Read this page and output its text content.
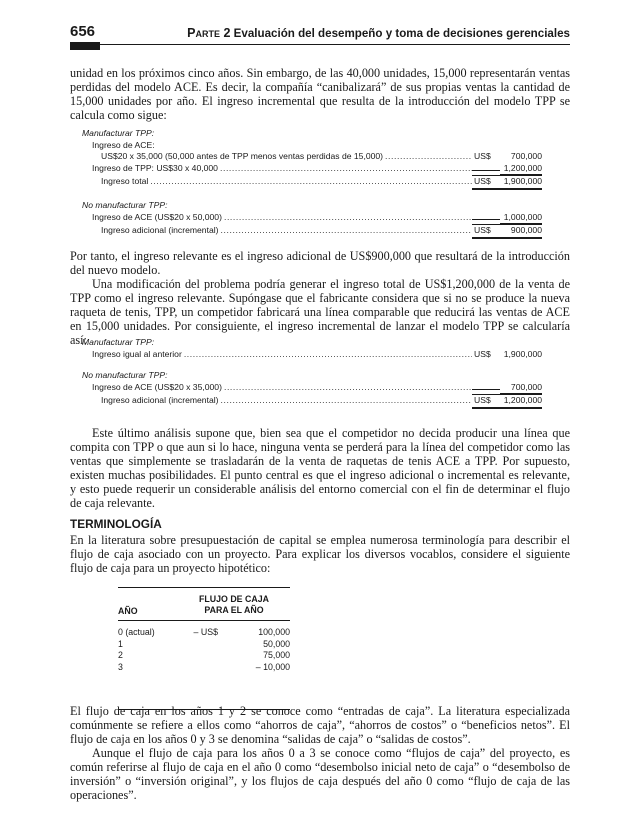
656	Parte 2 Evaluación del desempeño y toma de decisiones gerenciales

unidad en los próximos cinco años. Sin embargo, de las 40,000 unidades, 15,000 representarán ventas perdidas del modelo ACE. Es decir, la compañía “canibalizará” de sus propias ventas la cantidad de 15,000 unidades por año. El ingreso incremental que resulta de la introducción del modelo TPP se calcula como sigue:

Manufacturar TPP:
Ingreso de ACE:
US$20 x 35,000 (50,000 antes de TPP menos ventas perdidas de 15,000) .....	US$	700,000
Ingreso de TPP: US$30 x 40,000 .....	1,200,000
Ingreso total .....	US$	1,900,000
No manufacturar TPP:
Ingreso de ACE (US$20 x 50,000) .....	1,000,000
Ingreso adicional (incremental) .....	US$	900,000

Por tanto, el ingreso relevante es el ingreso adicional de US$900,000 que resultará de la introducción del nuevo modelo.

Una modificación del problema podría generar el ingreso total de US$1,200,000 de la venta de TPP como el ingreso relevante. Supóngase que el fabricante considera que si no se produce la nueva raqueta de tenis, TPP, un competidor fabricará una línea comparable que reducirá las ventas de ACE en 15,000 unidades. Por consiguiente, el ingreso incremental de lanzar el modelo TPP se calcularía así:

Manufacturar TPP:
Ingreso igual al anterior .....	US$	1,900,000
No manufacturar TPP:
Ingreso de ACE (US$20 x 35,000) .....	700,000
Ingreso adicional (incremental) .....	US$	1,200,000

Este último análisis supone que, bien sea que el competidor no decida producir una línea que compita con TPP o que aun si lo hace, ninguna venta se perderá para la línea del competidor como las ventas que simplemente se trasladarán de la venta de raquetas de tenis ACE a TPP. Por supuesto, existen muchas posibilidades. El punto central es que el ingreso adicional o incremental es relevante, y esto puede requerir un considerable análisis del entorno comercial con el fin de determinar el flujo de caja relevante.

TERMINOLOGÍA

En la literatura sobre presupuestación de capital se emplea numerosa terminología para describir el flujo de caja asociado con un proyecto. Para explicar los diversos vocablos, considere el siguiente flujo de caja para un proyecto hipotético:

AÑO
FLUJO DE CAJA
PARA EL AÑO
0 (actual)	– US$	100,000
1	50,000
2	75,000
3	– 10,000

El flujo de caja en los años 1 y 2 se conoce como “entradas de caja”. La literatura especializada comúnmente se refiere a ellos como “ahorros de caja”, “ahorros de costos” o “beneficios netos”. El flujo de caja en los años 0 y 3 se denomina “salidas de caja” o “salidas de costos”.

Aunque el flujo de caja para los años 0 a 3 se conoce como “flujos de caja” del proyecto, es común referirse al flujo de caja en el año 0 como “desembolso inicial neto de caja” o “desembolso de inversión” o “inversión original”, y los flujos de caja después del año 0 como “flujo de caja de las operaciones”.
